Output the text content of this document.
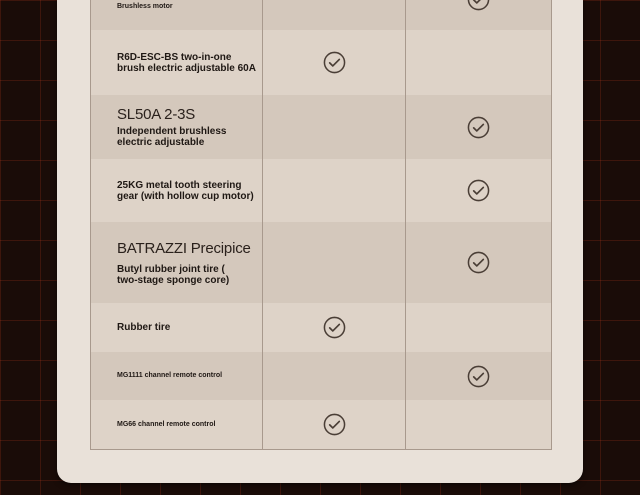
Brushless motor
R6D-ESC-BS two-in-one brush electric adjustable 60A
SL50A 2-3S
Independent brushless electric adjustable
25KG metal tooth steering gear (with hollow cup motor)
BATRAZZI Precipice
Butyl rubber joint tire ( two-stage sponge core)
Rubber tire
MG1111 channel remote control
MG66 channel remote control
